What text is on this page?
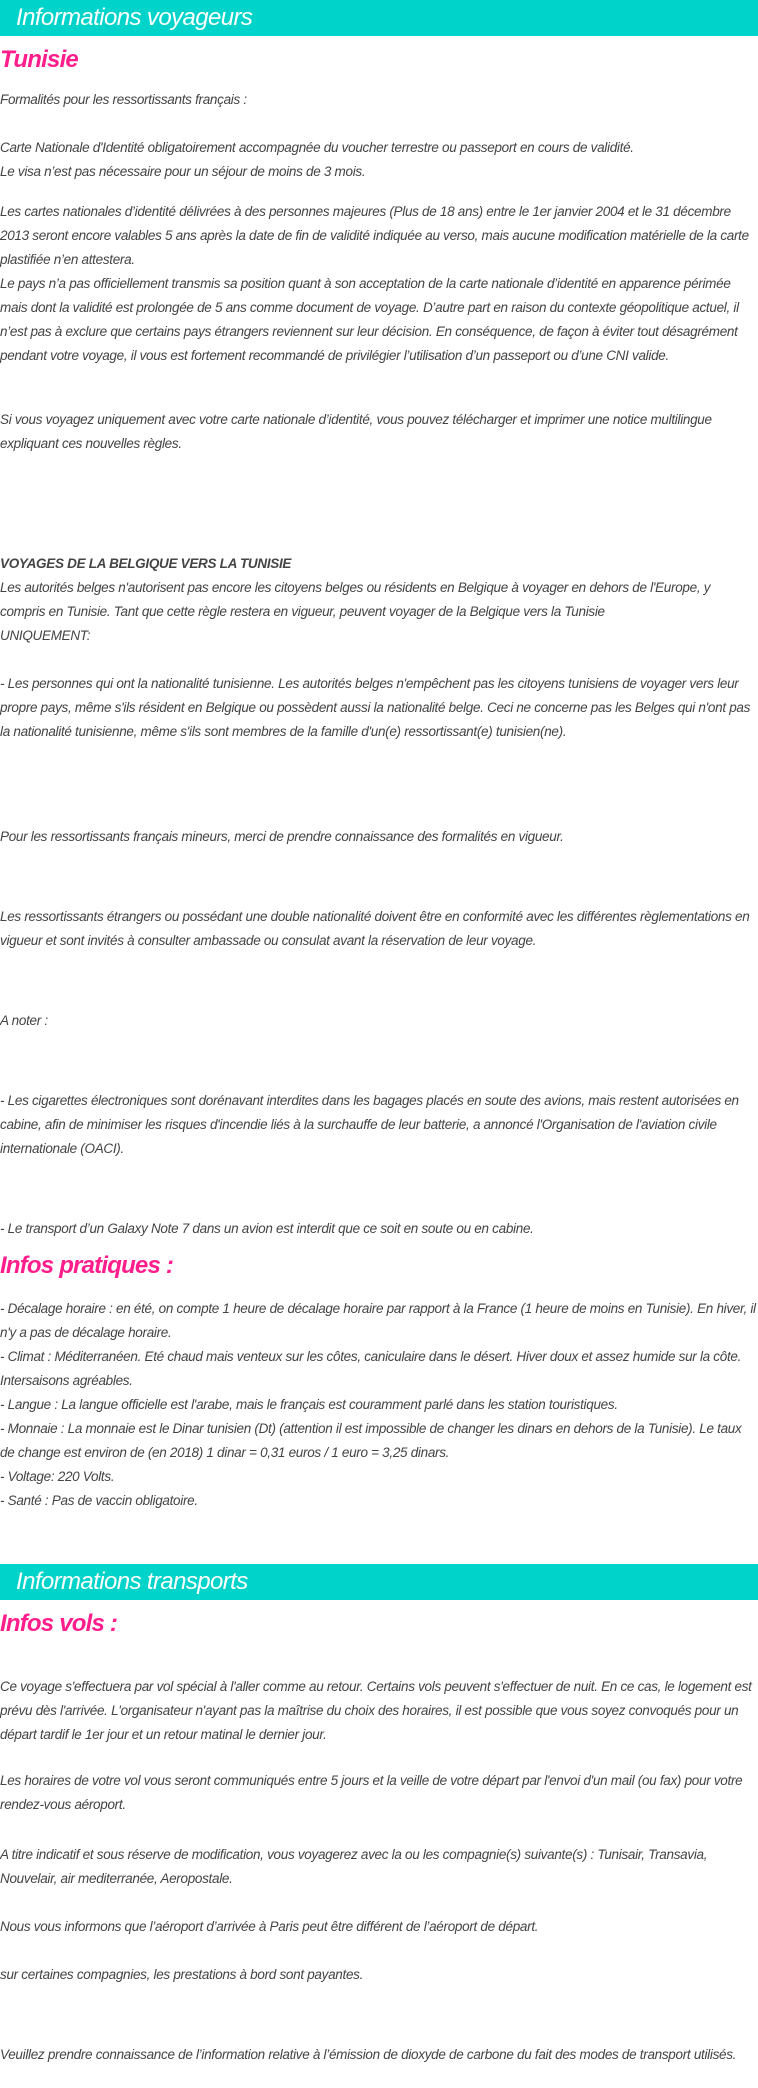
Informations voyageurs
Tunisie

Formalités pour les ressortissants français :

Carte Nationale d'Identité obligatoirement accompagnée du voucher terrestre ou passeport en cours de validité.
Le visa n’est pas nécessaire pour un séjour de moins de 3 mois.

Les cartes nationales d’identité délivrées à des personnes majeures (Plus de 18 ans) entre le 1er janvier 2004 et le 31 décembre 2013 seront encore valables 5 ans après la date de fin de validité indiquée au verso, mais aucune modification matérielle de la carte plastifiée n’en attestera.

Le pays n’a pas officiellement transmis sa position quant à son acceptation de la carte nationale d’identité en apparence périmée mais dont la validité est prolongée de 5 ans comme document de voyage. D’autre part en raison du contexte géopolitique actuel, il n’est pas à exclure que certains pays étrangers reviennent sur leur décision. En conséquence, de façon à éviter tout désagrément pendant votre voyage, il vous est fortement recommandé de privilégier l’utilisation d’un passeport ou d’une CNI valide.

Si vous voyagez uniquement avec votre carte nationale d’identité, vous pouvez télécharger et imprimer une notice multilingue expliquant ces nouvelles règles.

VOYAGES DE LA BELGIQUE VERS LA TUNISIE
Les autorités belges n'autorisent pas encore les citoyens belges ou résidents en Belgique à voyager en dehors de l'Europe, y compris en Tunisie. Tant que cette règle restera en vigueur, peuvent voyager de la Belgique vers la Tunisie
UNIQUEMENT:

- Les personnes qui ont la nationalité tunisienne. Les autorités belges n'empêchent pas les citoyens tunisiens de voyager vers leur propre pays, même s'ils résident en Belgique ou possèdent aussi la nationalité belge. Ceci ne concerne pas les Belges qui n'ont pas la nationalité tunisienne, même s'ils sont membres de la famille d'un(e) ressortissant(e) tunisien(ne).

Pour les ressortissants français mineurs, merci de prendre connaissance des formalités en vigueur.

Les ressortissants étrangers ou possédant une double nationalité doivent être en conformité avec les différentes règlementations en vigueur et sont invités à consulter ambassade ou consulat avant la réservation de leur voyage.

A noter :

- Les cigarettes électroniques sont dorénavant interdites dans les bagages placés en soute des avions, mais restent autorisées en cabine, afin de minimiser les risques d'incendie liés à la surchauffe de leur batterie, a annoncé l'Organisation de l'aviation civile internationale (OACI).

- Le transport d’un Galaxy Note 7 dans un avion est interdit que ce soit en soute ou en cabine.

Infos pratiques :

- Décalage horaire : en été, on compte 1 heure de décalage horaire par rapport à la France (1 heure de moins en Tunisie). En hiver, il n'y a pas de décalage horaire.
- Climat : Méditerranéen. Eté chaud mais venteux sur les côtes, caniculaire dans le désert. Hiver doux et assez humide sur la côte. Intersaisons agréables.
- Langue : La langue officielle est l'arabe, mais le français est couramment parlé dans les station touristiques.
- Monnaie : La monnaie est le Dinar tunisien (Dt) (attention il est impossible de changer les dinars en dehors de la Tunisie). Le taux de change est environ de (en 2018) 1 dinar = 0,31 euros / 1 euro = 3,25 dinars.
- Voltage: 220 Volts.
- Santé : Pas de vaccin obligatoire.

Informations transports
Infos vols :

Ce voyage s'effectuera par vol spécial à l'aller comme au retour. Certains vols peuvent s'effectuer de nuit. En ce cas, le logement est prévu dès l'arrivée. L'organisateur n'ayant pas la maîtrise du choix des horaires, il est possible que vous soyez convoqués pour un départ tardif le 1er jour et un retour matinal le dernier jour.

Les horaires de votre vol vous seront communiqués entre 5 jours et la veille de votre départ par l'envoi d'un mail (ou fax) pour votre rendez-vous aéroport.

A titre indicatif et sous réserve de modification, vous voyagerez avec la ou les compagnie(s) suivante(s) : Tunisair, Transavia, Nouvelair, air mediterranée, Aeropostale.

Nous vous informons que l’aéroport d’arrivée à Paris peut être différent de l’aéroport de départ.

sur certaines compagnies, les prestations à bord sont payantes.

Veuillez prendre connaissance de l’information relative à l’émission de dioxyde de carbone du fait des modes de transport utilisés.
